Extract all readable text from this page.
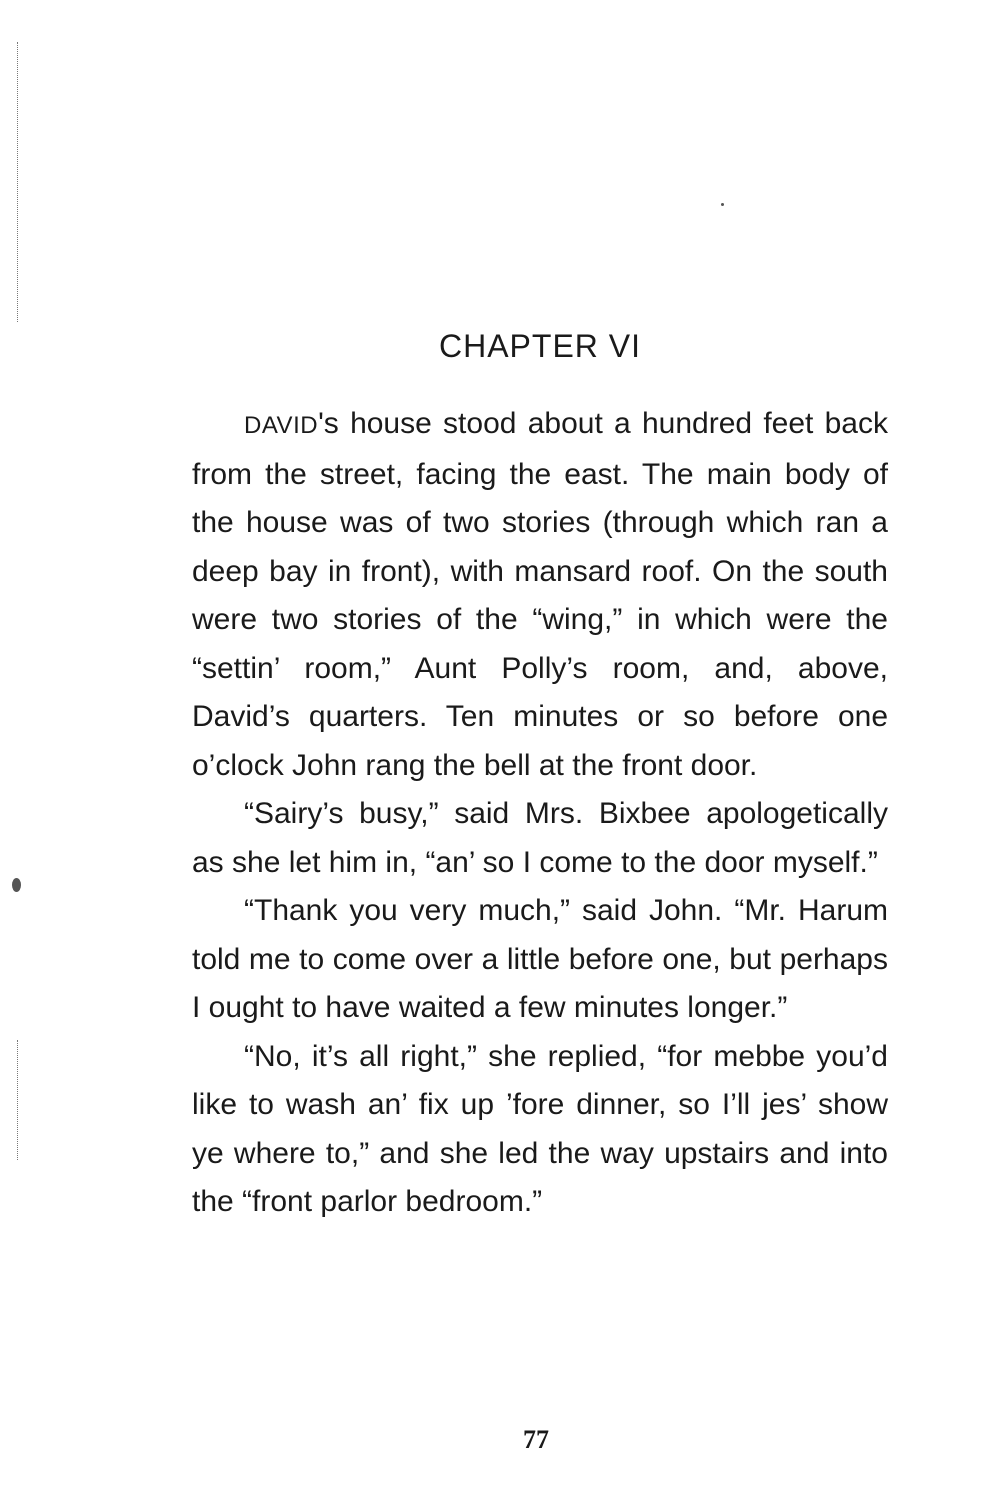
CHAPTER VI

DAVID's house stood about a hundred feet back from the street, facing the east. The main body of the house was of two stories (through which ran a deep bay in front), with mansard roof. On the south were two stories of the “wing,” in which were the “settin’ room,” Aunt Polly’s room, and, above, David’s quarters. Ten minutes or so before one o’clock John rang the bell at the front door.

“Sairy’s busy,” said Mrs. Bixbee apologetically as she let him in, “an’ so I come to the door myself.”

“Thank you very much,” said John. “Mr. Harum told me to come over a little before one, but perhaps I ought to have waited a few minutes longer.”

“No, it’s all right,” she replied, “for mebbe you’d like to wash an’ fix up ’fore dinner, so I’ll jes’ show ye where to,” and she led the way upstairs and into the “front parlor bedroom.”

77
